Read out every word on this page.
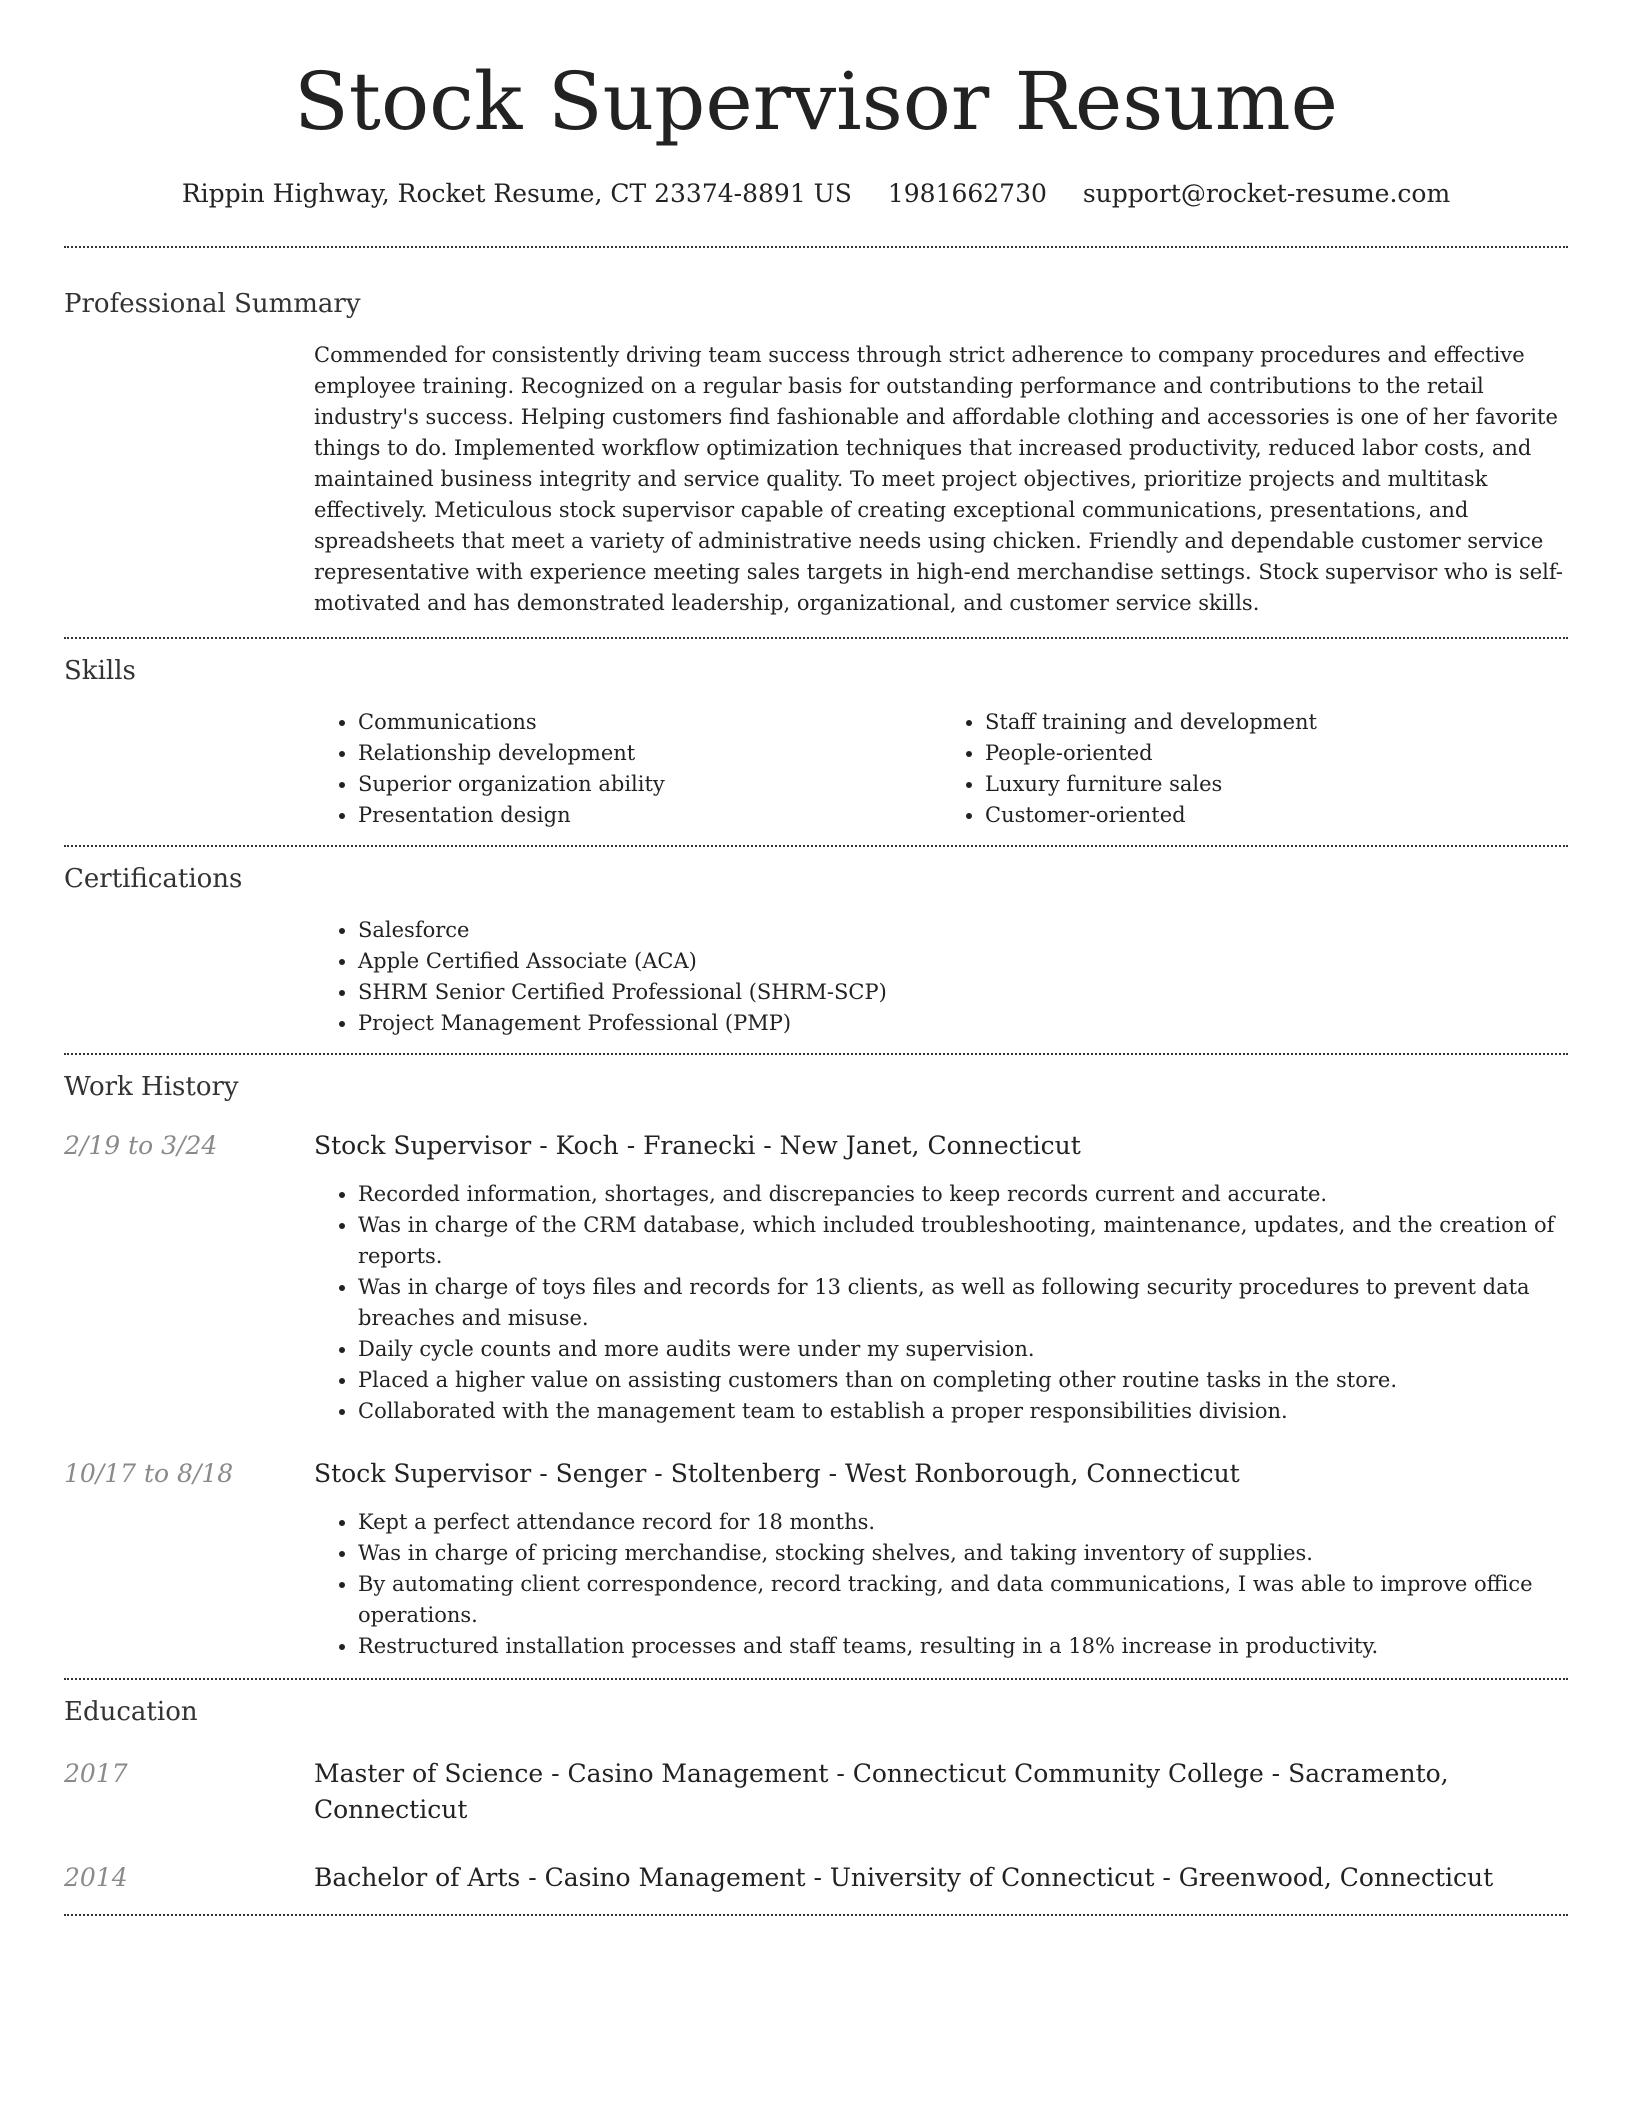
Stock Supervisor Resume
Rippin Highway, Rocket Resume, CT 23374-8891 US 1981662730 support@rocket-resume.com
Professional Summary

Commended for consistently driving team success through strict adherence to company procedures and effective employee training. Recognized on a regular basis for outstanding performance and contributions to the retail industry's success. Helping customers find fashionable and affordable clothing and accessories is one of her favorite things to do. Implemented workflow optimization techniques that increased productivity, reduced labor costs, and maintained business integrity and service quality. To meet project objectives, prioritize projects and multitask effectively. Meticulous stock supervisor capable of creating exceptional communications, presentations, and spreadsheets that meet a variety of administrative needs using chicken. Friendly and dependable customer service representative with experience meeting sales targets in high-end merchandise settings. Stock supervisor who is self-motivated and has demonstrated leadership, organizational, and customer service skills.

Skills
• Communications
• Relationship development
• Superior organization ability
• Presentation design
• Staff training and development
• People-oriented
• Luxury furniture sales
• Customer-oriented
Certifications
• Salesforce
• Apple Certified Associate (ACA)
• SHRM Senior Certified Professional (SHRM-SCP)
• Project Management Professional (PMP)
Work History
2/19 to 3/24	Stock Supervisor - Koch - Franecki - New Janet, Connecticut
• Recorded information, shortages, and discrepancies to keep records current and accurate.
• Was in charge of the CRM database, which included troubleshooting, maintenance, updates, and the creation of reports.
• Was in charge of toys files and records for 13 clients, as well as following security procedures to prevent data breaches and misuse.
• Daily cycle counts and more audits were under my supervision.
• Placed a higher value on assisting customers than on completing other routine tasks in the store.
• Collaborated with the management team to establish a proper responsibilities division.
10/17 to 8/18	Stock Supervisor - Senger - Stoltenberg - West Ronborough, Connecticut
• Kept a perfect attendance record for 18 months.
• Was in charge of pricing merchandise, stocking shelves, and taking inventory of supplies.
• By automating client correspondence, record tracking, and data communications, I was able to improve office operations.
• Restructured installation processes and staff teams, resulting in a 18% increase in productivity.
Education
2017	Master of Science - Casino Management - Connecticut Community College - Sacramento, Connecticut
2014	Bachelor of Arts - Casino Management - University of Connecticut - Greenwood, Connecticut
